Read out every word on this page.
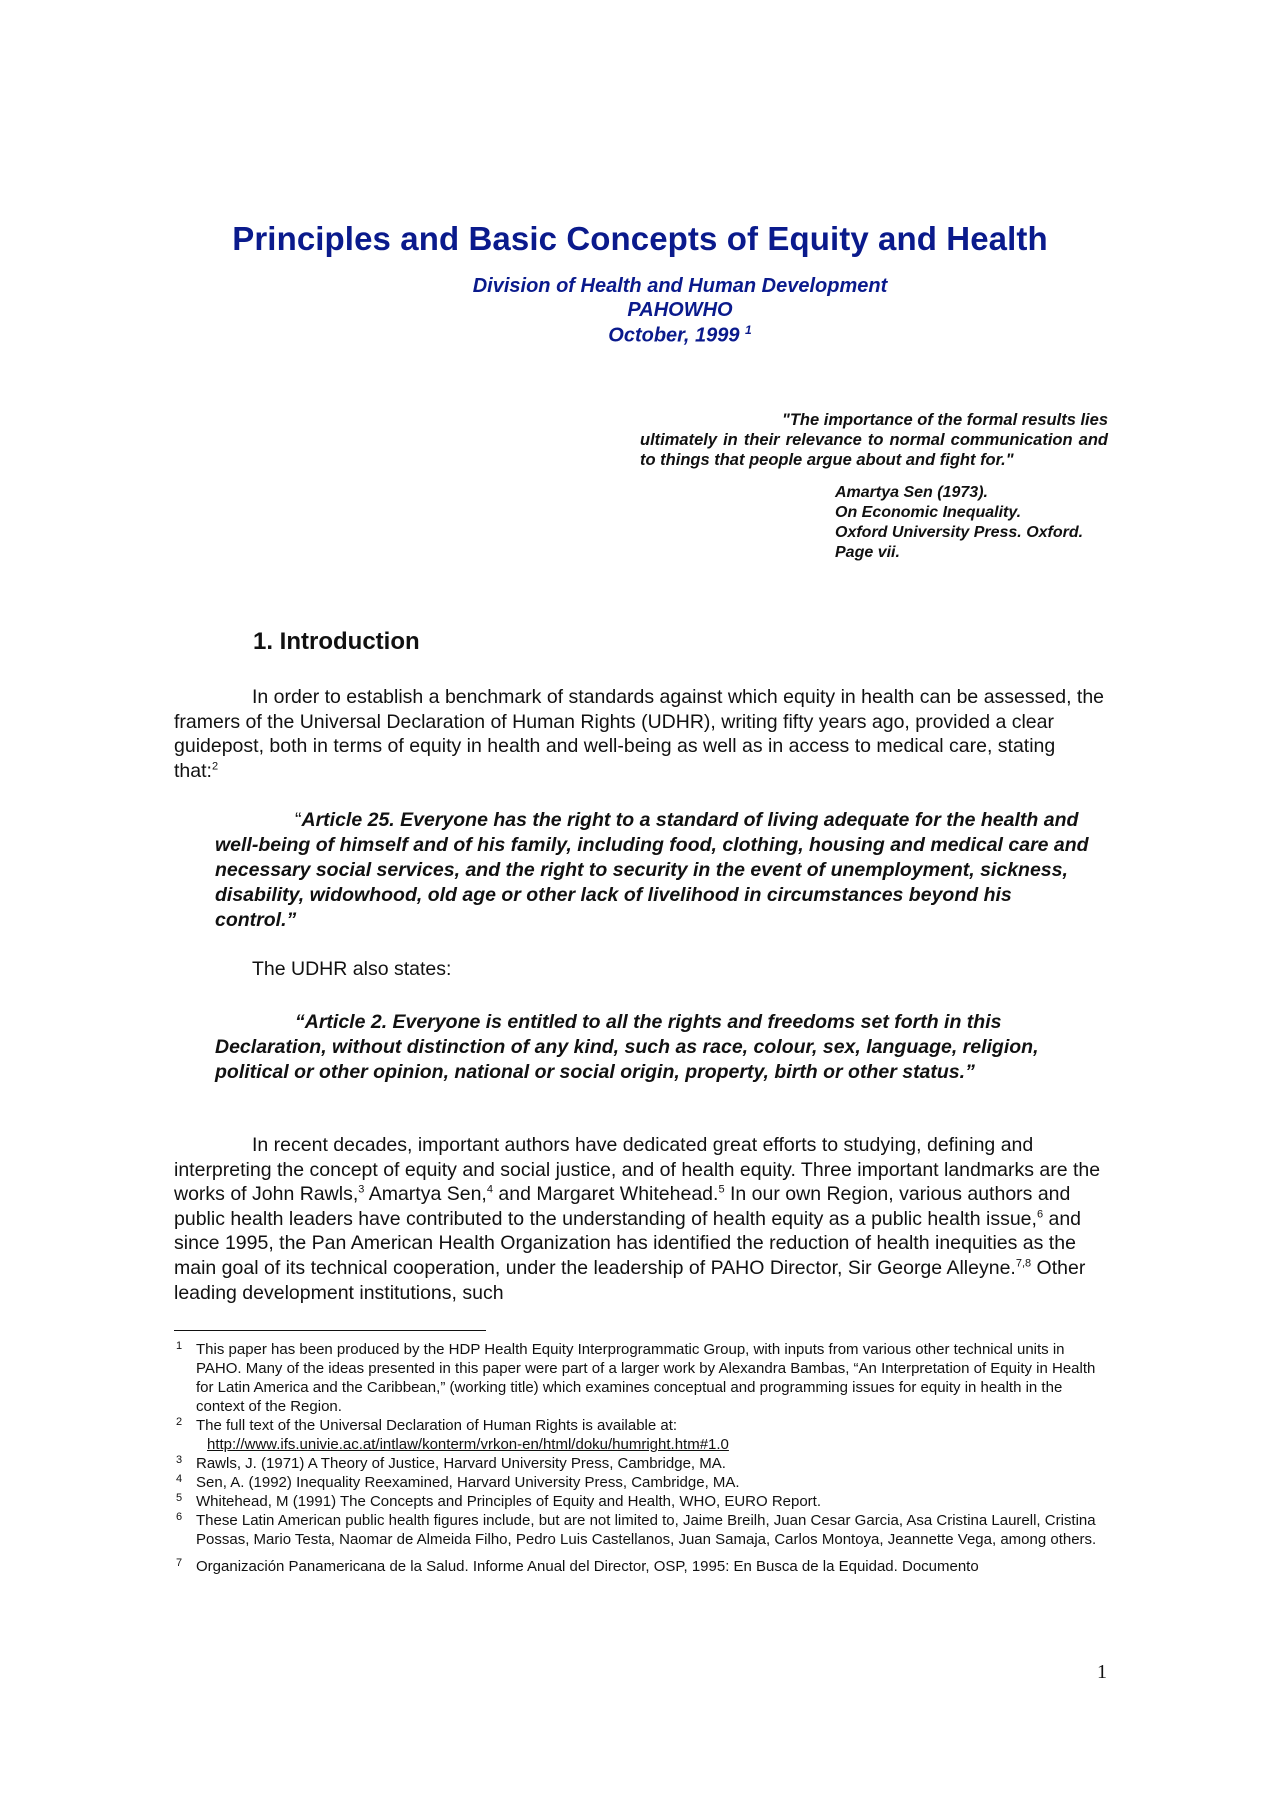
Principles and Basic Concepts of Equity and Health
Division of Health and Human Development
PAHOWHO
October, 1999 $^1$
"The importance of the formal results lies
ultimately in their relevance to normal communication and to things that people argue about and fight for."
Amartya Sen (1973).
On Economic Inequality.
Oxford University Press. Oxford.
Page vii.
1. Introduction
In order to establish a benchmark of standards against which equity in health can be assessed, the framers of the Universal Declaration of Human Rights (UDHR), writing fifty years ago, provided a clear guidepost, both in terms of equity in health and well-being as well as in access to medical care, stating that:$^2$
“Article 25. Everyone has the right to a standard of living adequate for the health and well-being of himself and of his family, including food, clothing, housing and medical care and necessary social services, and the right to security in the event of unemployment, sickness, disability, widowhood, old age or other lack of livelihood in circumstances beyond his control.”
The UDHR also states:
“Article 2. Everyone is entitled to all the rights and freedoms set forth in this Declaration, without distinction of any kind, such as race, colour, sex, language, religion, political or other opinion, national or social origin, property, birth or other status.”
In recent decades, important authors have dedicated great efforts to studying, defining and interpreting the concept of equity and social justice, and of health equity. Three important landmarks are the works of John Rawls,$^3$ Amartya Sen,$^4$ and Margaret Whitehead.$^5$ In our own Region, various authors and public health leaders have contributed to the understanding of health equity as a public health issue,$^6$ and since 1995, the Pan American Health Organization has identified the reduction of health inequities as the main goal of its technical cooperation, under the leadership of PAHO Director, Sir George Alleyne.$^{7,8}$ Other leading development institutions, such
1 This paper has been produced by the HDP Health Equity Interprogrammatic Group, with inputs from various other technical units in PAHO. Many of the ideas presented in this paper were part of a larger work by Alexandra Bambas, “An Interpretation of Equity in Health for Latin America and the Caribbean,” (working title) which examines conceptual and programming issues for equity in health in the context of the Region.
2 The full text of the Universal Declaration of Human Rights is available at:
http://www.ifs.univie.ac.at/intlaw/konterm/vrkon-en/html/doku/humright.htm#1.0
3 Rawls, J. (1971) A Theory of Justice, Harvard University Press, Cambridge, MA.
4 Sen, A. (1992) Inequality Reexamined, Harvard University Press, Cambridge, MA.
5 Whitehead, M (1991) The Concepts and Principles of Equity and Health, WHO, EURO Report.
6 These Latin American public health figures include, but are not limited to, Jaime Breilh, Juan Cesar Garcia, Asa Cristina Laurell, Cristina Possas, Mario Testa, Naomar de Almeida Filho, Pedro Luis Castellanos, Juan Samaja, Carlos Montoya, Jeannette Vega, among others.
7 Organización Panamericana de la Salud. Informe Anual del Director, OSP, 1995: En Busca de la Equidad. Documento
1
